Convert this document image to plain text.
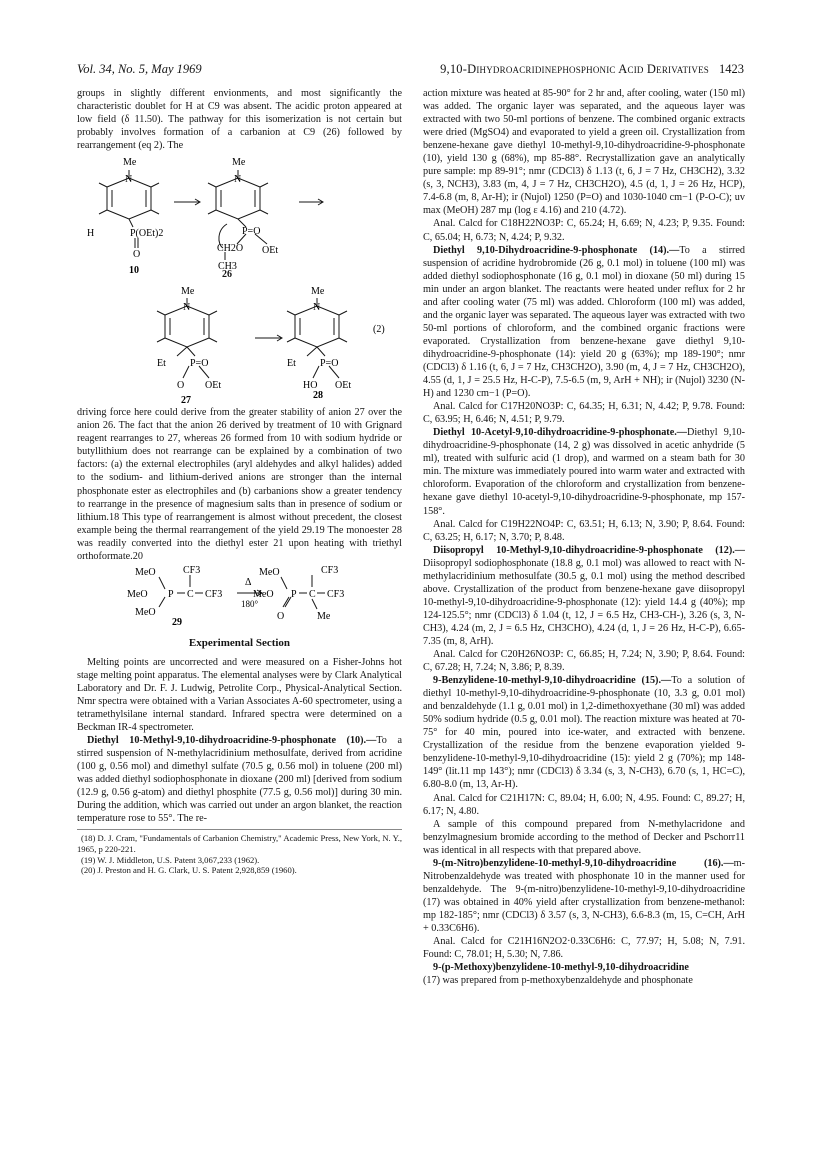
Vol. 34, No. 5, May 1969	9,10-Dihydroacridinephosphonic Acid Derivatives 1423

groups in slightly different envionments, and most significantly the characteristic doublet for H at C9 was absent. The acidic proton appeared at low field (δ 11.50). The pathway for this isomerization is not certain but probably involves formation of a carbanion at C9 (26) followed by rearrangement (eq 2). The

Me
N
H	P(OEt)2
O
10
Me
N
P=O
CH2O OEt
CH3
26
Me
N
Et P=O
O OEt
27
Me
N
Et P=O
HO OEt
28
(2)

driving force here could derive from the greater stability of anion 27 over the anion 26. The fact that the anion 26 derived by treatment of 10 with Grignard reagent rearranges to 27, whereas 26 formed from 10 with sodium hydride or butyllithium does not rearrange can be explained by a combination of two factors: (a) the external electrophiles (aryl aldehydes and alkyl halides) added to the sodium- and lithium-derived anions are stronger than the internal phosphonate ester as electrophiles and (b) carbanions show a greater tendency to rearrange in the presence of magnesium salts than in presence of sodium or lithium.18 This type of rearrangement is almost without precedent, the closest example being the thermal rearrangement of the yield 29.19 The monoester 28 was readily converted into the diethyl ester 21 upon heating with triethyl orthoformate.20

MeO	CF3
MeO P C CF3
MeO
Δ
180°
MeO	CF3
MeO P C CF3
O	Me
29
Experimental Section

Melting points are uncorrected and were measured on a Fisher-Johns hot stage melting point apparatus. The elemental analyses were by Clark Analytical Laboratory and Dr. F. J. Ludwig, Petrolite Corp., Physical-Analytical Section. Nmr spectra were obtained with a Varian Associates A-60 spectrometer, using a tetramethylsilane internal standard. Infrared spectra were determined on a Beckman IR-4 spectrometer.

Diethyl 10-Methyl-9,10-dihydroacridine-9-phosphonate (10).—To a stirred suspension of N-methylacridinium methosulfate, derived from acridine (100 g, 0.56 mol) and dimethyl sulfate (70.5 g, 0.56 mol) in toluene (200 ml) was added diethyl sodiophosphonate in dioxane (200 ml) [derived from sodium (12.9 g, 0.56 g-atom) and diethyl phosphite (77.5 g, 0.56 mol)] during 30 min. During the addition, which was carried out under an argon blanket, the reaction temperature rose to 55°. The re-

(18) D. J. Cram, "Fundamentals of Carbanion Chemistry," Academic Press, New York, N. Y., 1965, p 220-221.
(19) W. J. Middleton, U.S. Patent 3,067,233 (1962).
(20) J. Preston and H. G. Clark, U. S. Patent 2,928,859 (1960).

action mixture was heated at 85-90° for 2 hr and, after cooling, water (150 ml) was added. The organic layer was separated, and the aqueous layer was extracted with two 50-ml portions of benzene. The combined organic extracts were dried (MgSO4) and evaporated to yield a green oil. Crystallization from benzene-hexane gave diethyl 10-methyl-9,10-dihydroacridine-9-phosphonate (10), yield 130 g (68%), mp 85-88°. Recrystallization gave an analytically pure sample: mp 89-91°; nmr (CDCl3) δ 1.13 (t, 6, J = 7 Hz, CH3CH2), 3.32 (s, 3, NCH3), 3.83 (m, 4, J = 7 Hz, CH3CH2O), 4.5 (d, 1, J = 26 Hz, HCP), 7.4-6.8 (m, 8, Ar-H); ir (Nujol) 1250 (P=O) and 1030-1040 cm−1 (P-O-C); uv max (MeOH) 287 mμ (log ε 4.16) and 210 (4.72).

Anal. Calcd for C18H22NO3P: C, 65.24; H, 6.69; N, 4.23; P, 9.35. Found: C, 65.04; H, 6.73; N, 4.24; P, 9.32.

Diethyl 9,10-Dihydroacridine-9-phosphonate (14).—To a stirred suspension of acridine hydrobromide (26 g, 0.1 mol) in toluene (100 ml) was added diethyl sodiophosphonate (16 g, 0.1 mol) in dioxane (50 ml) during 15 min under an argon blanket. The reactants were heated under reflux for 2 hr and after cooling water (75 ml) was added. Chloroform (100 ml) was added, and the organic layer was separated. The aqueous layer was extracted with two 50-ml portions of chloroform, and the combined organic fractions were evaporated. Crystallization from benzene-hexane gave diethyl 9,10-dihydroacridine-9-phosphonate (14): yield 20 g (63%); mp 189-190°; nmr (CDCl3) δ 1.16 (t, 6, J = 7 Hz, CH3CH2O), 3.90 (m, 4, J = 7 Hz, CH3CH2O), 4.55 (d, 1, J = 25.5 Hz, H-C-P), 7.5-6.5 (m, 9, ArH + NH); ir (Nujol) 3230 (N-H) and 1230 cm−1 (P=O).

Anal. Calcd for C17H20NO3P: C, 64.35; H, 6.31; N, 4.42; P, 9.78. Found: C, 63.95; H, 6.46; N, 4.51; P, 9.79.

Diethyl 10-Acetyl-9,10-dihydroacridine-9-phosphonate.—Diethyl 9,10-dihydroacridine-9-phosphonate (14, 2 g) was dissolved in acetic anhydride (5 ml), treated with sulfuric acid (1 drop), and warmed on a steam bath for 30 min. The mixture was immediately poured into warm water and extracted with chloroform. Evaporation of the chloroform and crystallization from benzene-hexane gave diethyl 10-acetyl-9,10-dihydroacridine-9-phosphonate, mp 157-158°.

Anal. Calcd for C19H22NO4P: C, 63.51; H, 6.13; N, 3.90; P, 8.64. Found: C, 63.25; H, 6.17; N, 3.70; P, 8.48.

Diisopropyl 10-Methyl-9,10-dihydroacridine-9-phosphonate (12).—Diisopropyl sodiophosphonate (18.8 g, 0.1 mol) was allowed to react with N-methylacridinium methosulfate (30.5 g, 0.1 mol) using the method described above. Crystallization of the product from benzene-hexane gave diisopropyl 10-methyl-9,10-dihydroacridine-9-phosphonate (12): yield 14.4 g (40%); mp 124-125.5°; nmr (CDCl3) δ 1.04 (t, 12, J = 6.5 Hz, CH3-CH-), 3.26 (s, 3, N-CH3), 4.24 (m, 2, J = 6.5 Hz, CH3CHO), 4.24 (d, 1, J = 26 Hz, H-C-P), 6.65-7.35 (m, 8, ArH).

Anal. Calcd for C20H26NO3P: C, 66.85; H, 7.24; N, 3.90; P, 8.64. Found: C, 67.28; H, 7.24; N, 3.86; P, 8.39.

9-Benzylidene-10-methyl-9,10-dihydroacridine (15).—To a solution of diethyl 10-methyl-9,10-dihydroacridine-9-phosphonate (10, 3.3 g, 0.01 mol) and benzaldehyde (1.1 g, 0.01 mol) in 1,2-dimethoxyethane (30 ml) was added 50% sodium hydride (0.5 g, 0.01 mol). The reaction mixture was heated at 70-75° for 40 min, poured into ice-water, and extracted with benzene. Crystallization of the residue from the benzene evaporation yielded 9-benzylidene-10-methyl-9,10-dihydroacridine (15): yield 2 g (70%); mp 148-149° (lit.11 mp 143°); nmr (CDCl3) δ 3.34 (s, 3, N-CH3), 6.70 (s, 1, HC=C), 6.80-8.0 (m, 13, Ar-H).

Anal. Calcd for C21H17N: C, 89.04; H, 6.00; N, 4.95. Found: C, 89.27; H, 6.17; N, 4.80.

A sample of this compound prepared from N-methylacridone and benzylmagnesium bromide according to the method of Decker and Pschorr11 was identical in all respects with that prepared above.

9-(m-Nitro)benzylidene-10-methyl-9,10-dihydroacridine (16).—m-Nitrobenzaldehyde was treated with phosphonate 10 in the manner used for benzaldehyde. The 9-(m-nitro)benzylidene-10-methyl-9,10-dihydroacridine (17) was obtained in 40% yield after crystallization from benzene-methanol: mp 182-185°; nmr (CDCl3) δ 3.57 (s, 3, N-CH3), 6.6-8.3 (m, 15, C=CH, ArH + 0.33C6H6).

Anal. Calcd for C21H16N2O2·0.33C6H6: C, 77.97; H, 5.08; N, 7.91. Found: C, 78.01; H, 5.30; N, 7.86.

9-(p-Methoxy)benzylidene-10-methyl-9,10-dihydroacridine

(17) was prepared from p-methoxybenzaldehyde and phosphonate
